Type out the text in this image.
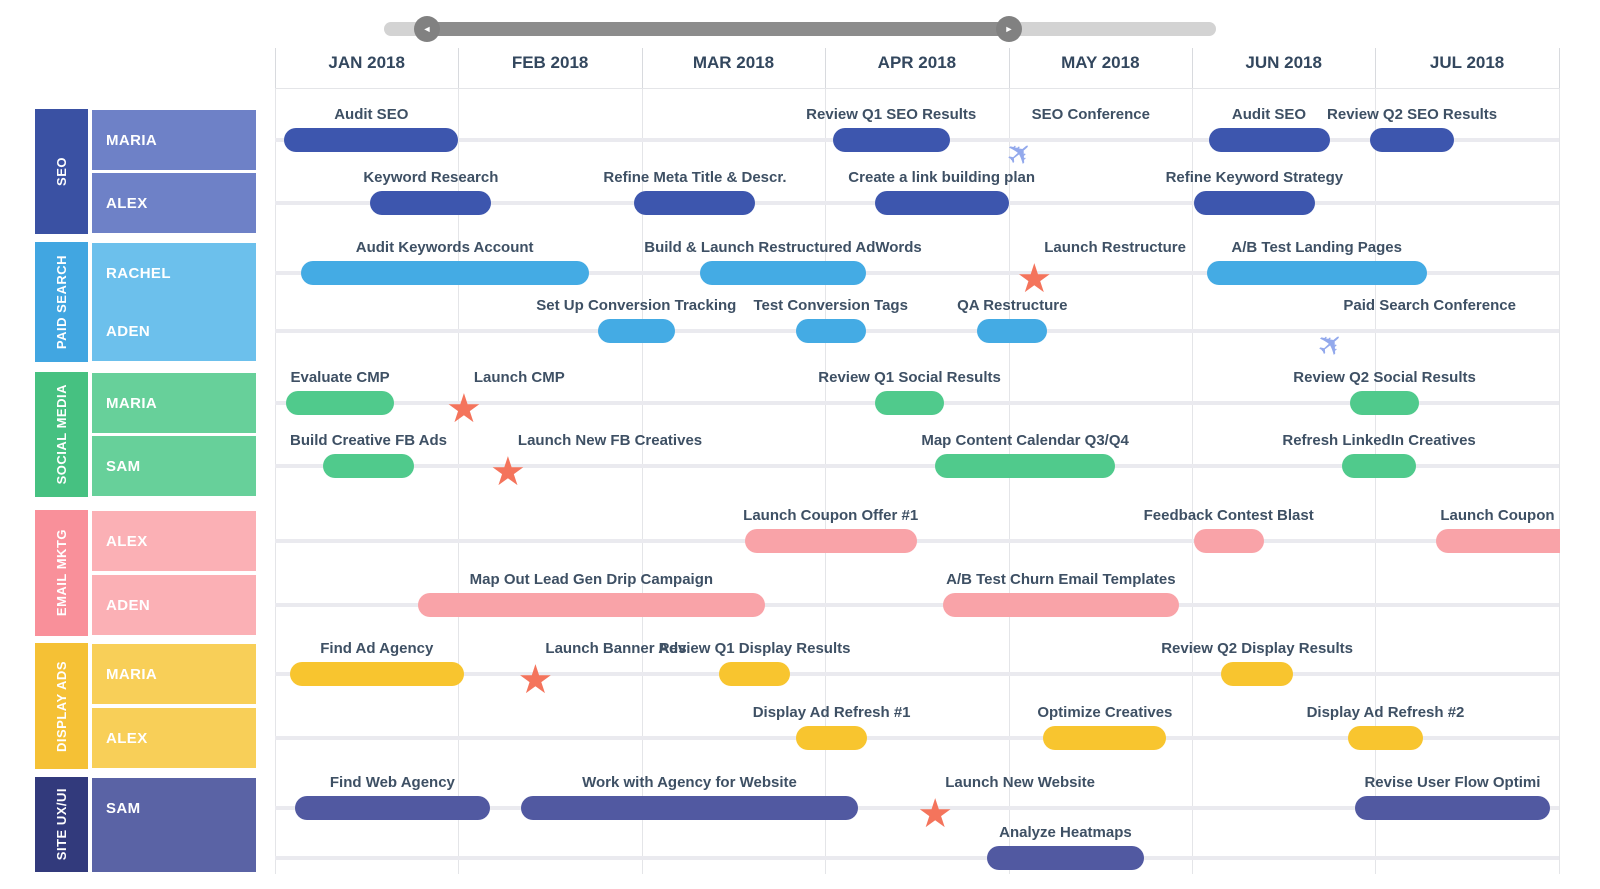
◄	►
JAN 2018	FEB 2018	MAR 2018	APR 2018	MAY 2018	JUN 2018	JUL 2018
Audit SEO	Review Q1 SEO Results	Audit SEO Review Q2 SEO Results
✈
SEO Conference
Keyword Research	Refine Meta Title & Descr.	Create a link building plan	Refine Keyword Strategy
Audit Keywords Account	Build & Launch Restructured AdWords	A/B Test Landing Pages
★
Launch Restructure
Set Up Conversion Tracking Test Conversion Tags	QA Restructure
✈
Paid Search Conference
Evaluate CMP	Review Q1 Social Results	Review Q2 Social Results
★
Launch CMP
Build Creative FB Ads	Map Content Calendar Q3/Q4	Refresh LinkedIn Creatives
★
Launch New FB Creatives
Launch Coupon Offer #1	Feedback Contest Blast	Launch Coupon
Map Out Lead Gen Drip Campaign	A/B Test Churn Email Templates
Find Ad Agency	Review Q1 Display Results	Review Q2 Display Results
★
Launch Banner Ads
Display Ad Refresh #1	Optimize Creatives	Display Ad Refresh #2
Find Web Agency	Work with Agency for Website	Revise User Flow Optimi
★
Launch New Website
Analyze Heatmaps
SEO
MARIA
ALEX
PAID SEARCH	RACHEL
ADEN
SOCIAL MEDIA	MARIA
SAM
EMAIL MKTG	ALEX
ADEN
DISPLAY ADS	MARIA
ALEX
SITE UX/UI	SAM
